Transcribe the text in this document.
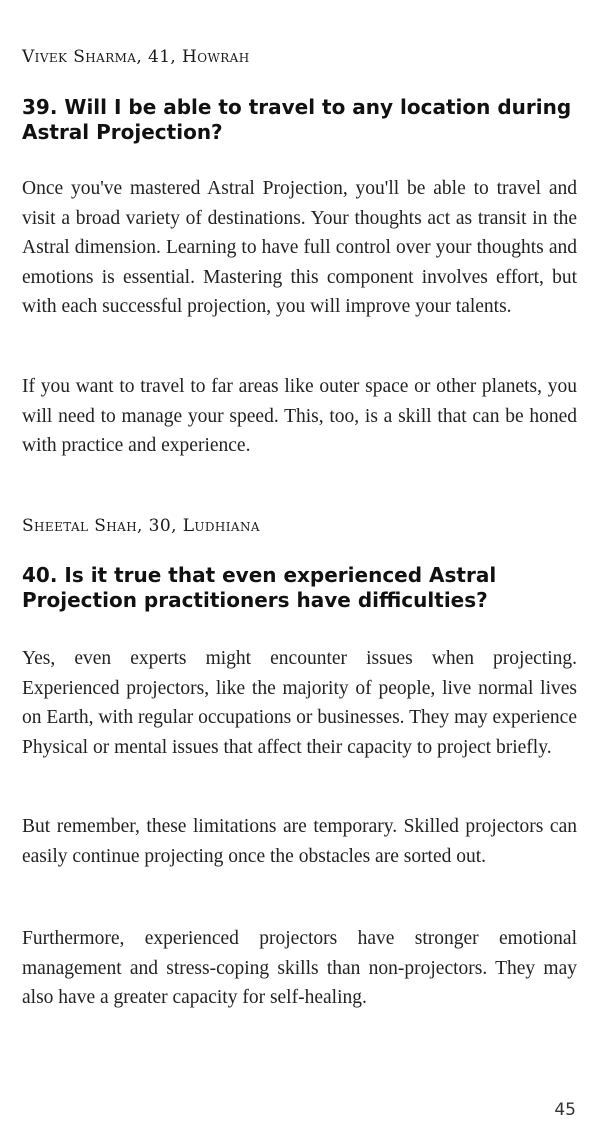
Vivek Sharma, 41, Howrah
39. Will I be able to travel to any location during Astral Projection?

Once you've mastered Astral Projection, you'll be able to travel and visit a broad variety of destinations. Your thoughts act as transit in the Astral dimension. Learning to have full control over your thoughts and emotions is essential. Mastering this component involves effort, but with each successful projection, you will improve your talents.

If you want to travel to far areas like outer space or other planets, you will need to manage your speed. This, too, is a skill that can be honed with practice and experience.

Sheetal Shah, 30, Ludhiana
40. Is it true that even experienced Astral Projection practitioners have difficulties?

Yes, even experts might encounter issues when projecting. Experienced projectors, like the majority of people, live normal lives on Earth, with regular occupations or businesses. They may experience Physical or mental issues that affect their capacity to project briefly.

But remember, these limitations are temporary. Skilled projectors can easily continue projecting once the obstacles are sorted out.

Furthermore, experienced projectors have stronger emotional management and stress-coping skills than non-projectors. They may also have a greater capacity for self-healing.

45
